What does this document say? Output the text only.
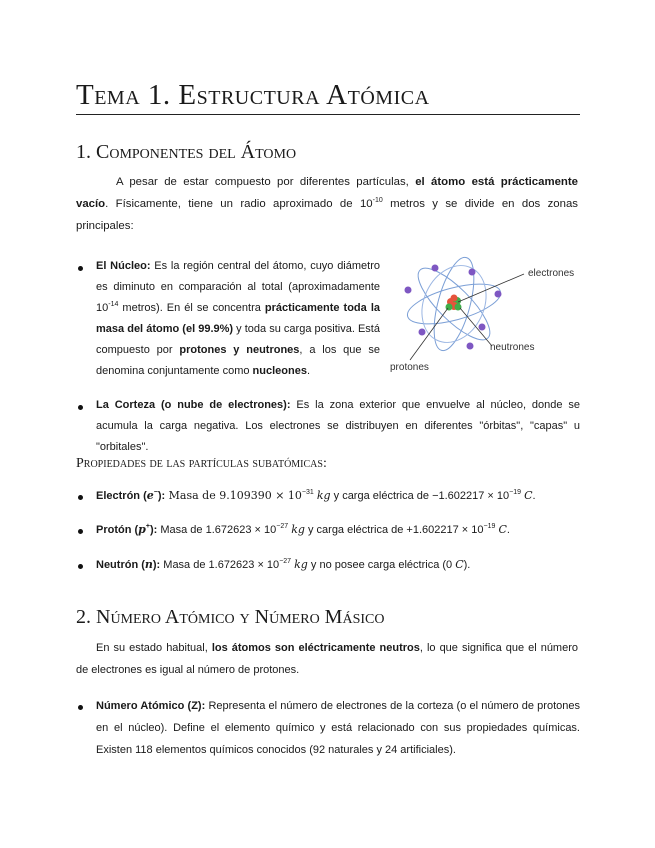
Tema 1. Estructura Atómica
1. Componentes del Átomo
A pesar de estar compuesto por diferentes partículas, el átomo está prácticamente vacío. Físicamente, tiene un radio aproximado de $10^{-10}$ metros y se divide en dos zonas principales:
El Núcleo: Es la región central del átomo, cuyo diámetro es diminuto en comparación al total (aproximadamente $10^{-14}$ metros). En él se concentra prácticamente toda la masa del átomo (el 99.9%) y toda su carga positiva. Está compuesto por protones y neutrones, a los que se denomina conjuntamente como nucleones.
electrones
neutrones
protones
La Corteza (o nube de electrones): Es la zona exterior que envuelve al núcleo, donde se acumula la carga negativa. Los electrones se distribuyen en diferentes "órbitas", "capas" u "orbitales".
Propiedades de las partículas subatómicas:
Electrón (e−): Masa de $9.109390 \times 10^{-31}$ kg y carga eléctrica de $-1.602217 \times 10^{-19}$ C.
Protón (p+): Masa de $1.672623 \times 10^{-27}$ kg y carga eléctrica de $+1.602217 \times 10^{-19}$ C.
Neutrón (n): Masa de $1.672623 \times 10^{-27}$ kg y no posee carga eléctrica (0 C).
2. Número Atómico y Número Másico
En su estado habitual, los átomos son eléctricamente neutros, lo que significa que el número de electrones es igual al número de protones.
Número Atómico (Z): Representa el número de electrones de la corteza (o el número de protones en el núcleo). Define el elemento químico y está relacionado con sus propiedades químicas. Existen 118 elementos químicos conocidos (92 naturales y 24 artificiales).
